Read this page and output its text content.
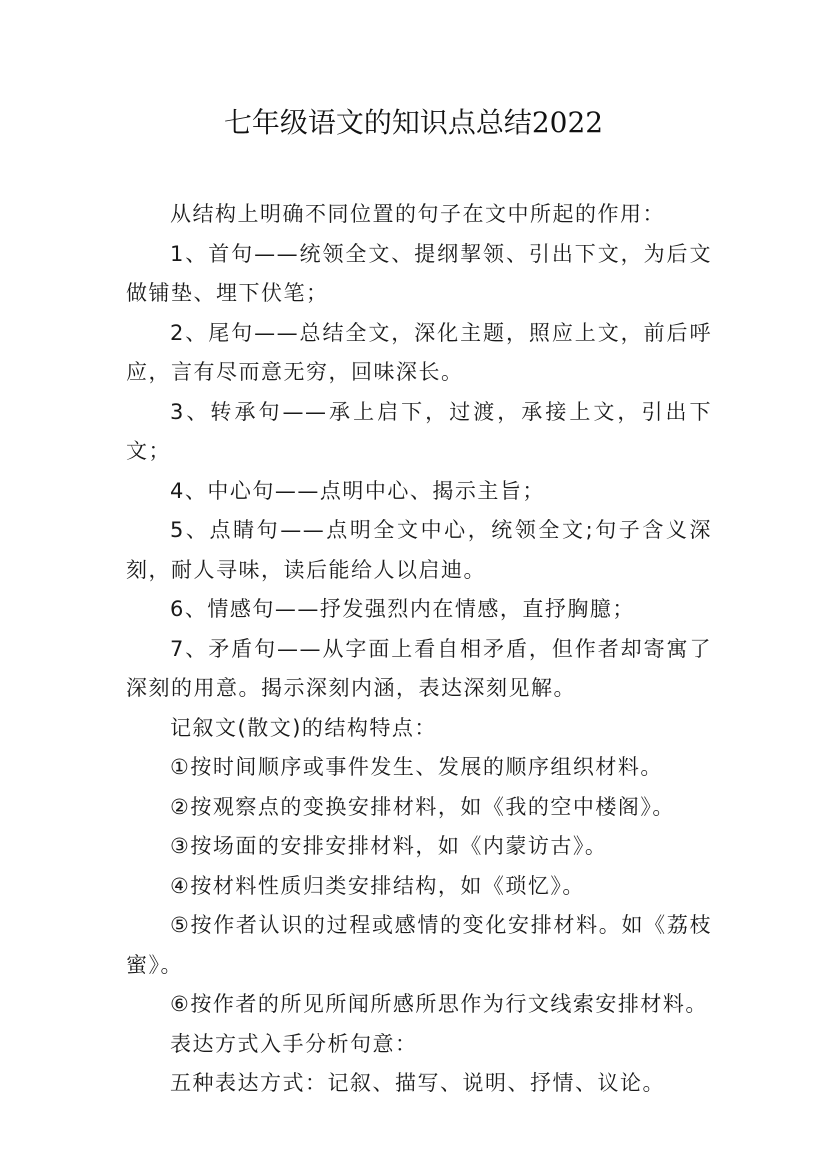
七年级语文的知识点总结2022

从结构上明确不同位置的句子在文中所起的作用：

1、首句——统领全文、提纲挈领、引出下文，为后文做铺垫、埋下伏笔；

2、尾句——总结全文，深化主题，照应上文，前后呼应，言有尽而意无穷，回味深长。

3、转承句——承上启下，过渡，承接上文，引出下文；

4、中心句——点明中心、揭示主旨；

5、点睛句——点明全文中心，统领全文;句子含义深刻，耐人寻味，读后能给人以启迪。

6、情感句——抒发强烈内在情感，直抒胸臆；

7、矛盾句——从字面上看自相矛盾，但作者却寄寓了深刻的用意。揭示深刻内涵，表达深刻见解。

记叙文(散文)的结构特点：

①按时间顺序或事件发生、发展的顺序组织材料。

②按观察点的变换安排材料，如《我的空中楼阁》。

③按场面的安排安排材料，如《内蒙访古》。

④按材料性质归类安排结构，如《琐忆》。

⑤按作者认识的过程或感情的变化安排材料。如《荔枝蜜》。

⑥按作者的所见所闻所感所思作为行文线索安排材料。

表达方式入手分析句意：

五种表达方式：记叙、描写、说明、抒情、议论。
